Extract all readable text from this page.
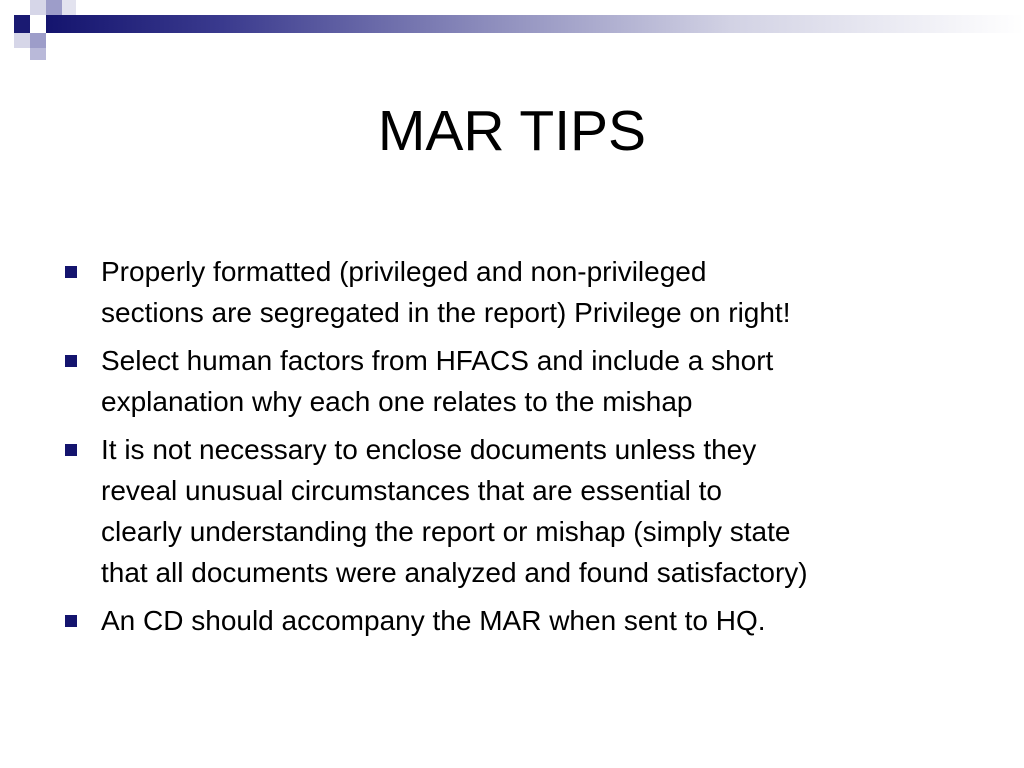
MAR TIPS
Properly formatted (privileged and non-privileged
sections are segregated in the report) Privilege on right!
Select human factors from HFACS and include a short
explanation why each one relates to the mishap
It is not necessary to enclose documents unless they
reveal unusual circumstances that are essential to
clearly understanding the report or mishap (simply state
that all documents were analyzed and found satisfactory)
An CD should accompany the MAR when sent to HQ.
